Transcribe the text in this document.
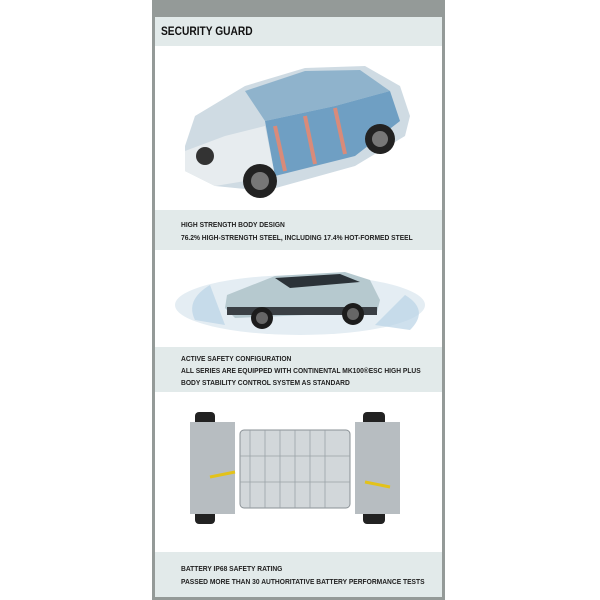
SECURITY GUARD
HIGH STRENGTH BODY DESIGN
76.2% HIGH-STRENGTH STEEL, INCLUDING 17.4% HOT-FORMED STEEL
ACTIVE SAFETY CONFIGURATION
ALL SERIES ARE EQUIPPED WITH CONTINENTAL MK100®ESC HIGH PLUS
BODY STABILITY CONTROL SYSTEM AS STANDARD
BATTERY IP68 SAFETY RATING
PASSED MORE THAN 30 AUTHORITATIVE BATTERY PERFORMANCE TESTS
